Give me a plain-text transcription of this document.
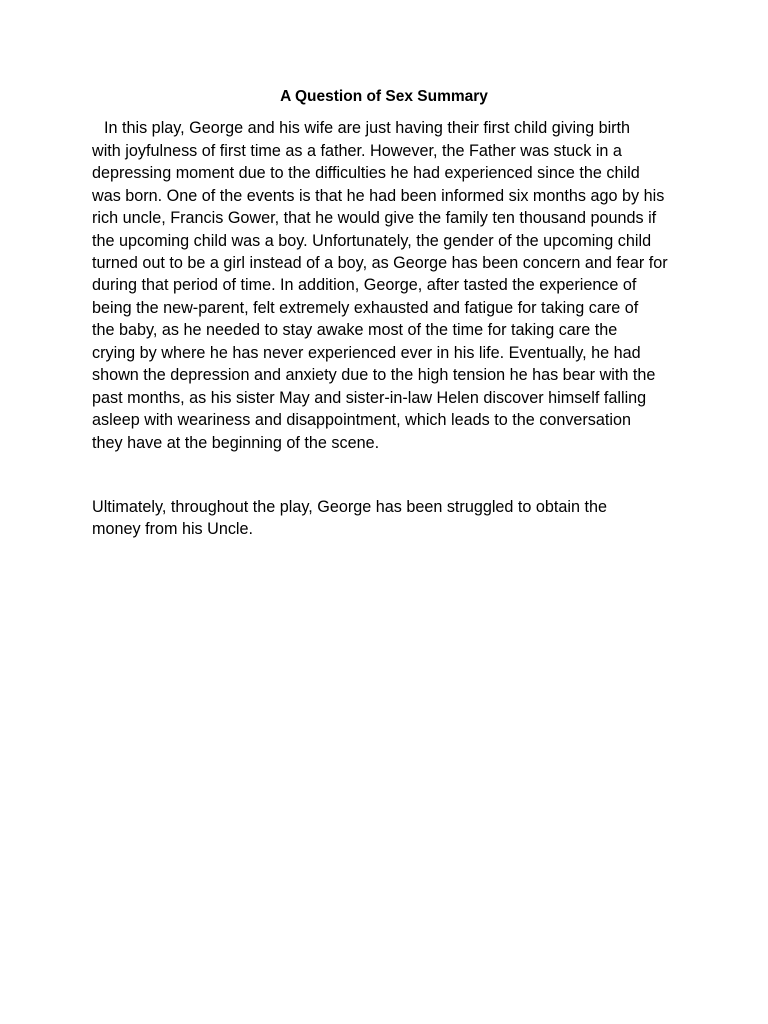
A Question of Sex Summary

In this play, George and his wife are just having their first child giving birth

with joyfulness of first time as a father. However, the Father was stuck in a

depressing moment due to the difficulties he had experienced since the child

was born. One of the events is that he had been informed six months ago by his

rich uncle, Francis Gower, that he would give the family ten thousand pounds if

the upcoming child was a boy. Unfortunately, the gender of the upcoming child

turned out to be a girl instead of a boy, as George has been concern and fear for

during that period of time. In addition, George, after tasted the experience of

being the new-parent, felt extremely exhausted and fatigue for taking care of

the baby, as he needed to stay awake most of the time for taking care the

crying by where he has never experienced ever in his life. Eventually, he had

shown the depression and anxiety due to the high tension he has bear with the

past months, as his sister May and sister-in-law Helen discover himself falling

asleep with weariness and disappointment, which leads to the conversation

they have at the beginning of the scene.

Ultimately, throughout the play, George has been struggled to obtain the

money from his Uncle.
